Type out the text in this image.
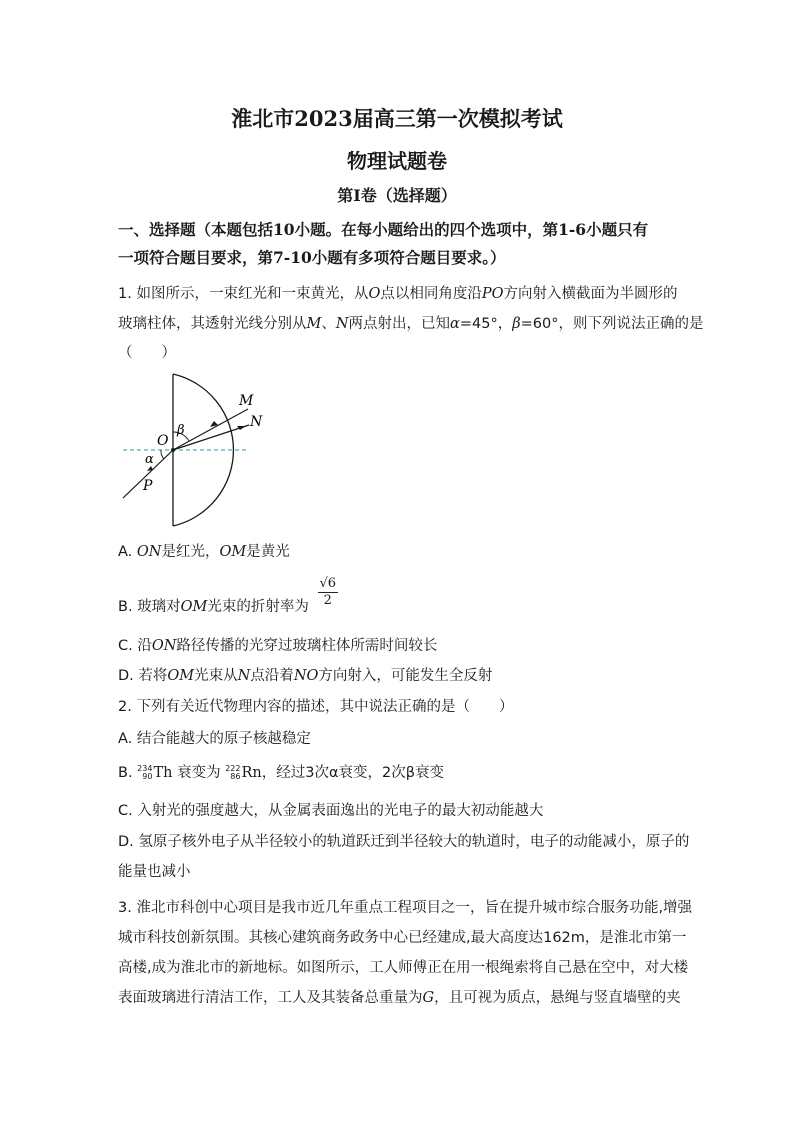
淮北市2023届高三第一次模拟考试
物理试题卷
第I卷（选择题）
一、选择题（本题包括10小题。在每小题给出的四个选项中，第1-6小题只有
一项符合题目要求，第7-10小题有多项符合题目要求。）
1. 如图所示，一束红光和一束黄光，从O点以相同角度沿PO方向射入横截面为半圆形的
玻璃柱体，其透射光线分别从M、N两点射出，已知α=45°，β=60°，则下列说法正确的是
（　　）
M
N
O
β
α
P
A. ON是红光，OM是黄光
B. 玻璃对OM光束的折射率为 $\frac{√6}{2}$
C. 沿ON路径传播的光穿过玻璃柱体所需时间较长
D. 若将OM光束从N点沿着NO方向射入，可能发生全反射
2. 下列有关近代物理内容的描述，其中说法正确的是（　　）
A. 结合能越大的原子核越稳定
B. 234
90 Th 衰变为 222
86 Rn，经过3次α衰变，2次β衰变
C. 入射光的强度越大，从金属表面逸出的光电子的最大初动能越大
D. 氢原子核外电子从半径较小的轨道跃迁到半径较大的轨道时，电子的动能减小，原子的
能量也减小
3. 淮北市科创中心项目是我市近几年重点工程项目之一，旨在提升城市综合服务功能,增强
城市科技创新氛围。其核心建筑商务政务中心已经建成,最大高度达162m，是淮北市第一
高楼,成为淮北市的新地标。如图所示，工人师傅正在用一根绳索将自己悬在空中，对大楼
表面玻璃进行清洁工作，工人及其装备总重量为G，且可视为质点，悬绳与竖直墙壁的夹
